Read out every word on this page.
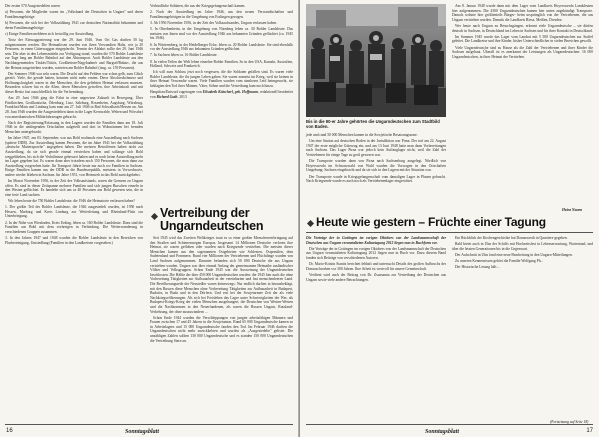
Der ersten 570 Ausgesiedelten waren

a) Personen, die Mitglieder waren im „Volksbund der Deutschen in Ungarn" und deren Familienangehörige

b) Personen, die sich bei der Volkszählung 1941 zur deutschen Nationalität bekannten und deren Familienangehörige

c) Einige Familien meldeten sich freiwillig zur Aussiedlung.

Trotz der Einwaggonierung war der 29. Juni 1946. Vom Ort Gas durften 50 kg mitgenommen werden. Die Heimatlosen wurden von ihren Verwandten Halts, wie ja 20 Personen, in einen Güterwaggon eingepfercht. Termin der Abfahrt sollte der 29. Juni 1946 sein. Die aber in den Lebensmitteln zur Verfügung stand, wurden die 570 Bohler Landsleute zur Tage lang am Bohler Bahnhof auf den Abtransport. Auch Bohler Landsleute aus den Nachbargemeinden Tüskés/Tüttös, Großbettsee/Nagybudmér und Bargsel/Babarc, die aus der Heimat ausgetrieben wurden, warteten am Bohler Bahnhof (insg. ca. 159 Personen).

Der Sommer 1946 war sehr warm. Die Drucht auf den Feldern war schon gelb, zum Glück gereift. Viele, die gerade hatten, konnten nicht mehr ernten. Diese Abschiedschmerz und Hoffnungslosigkeit waren in den Menschen, die den geliebten Heimat verlassen mussten. Besonders schwer hat es die Alten, deren Menschen getroffen, ihre Arbeitskraft und mit dieser Besitz fast ausschließlich für die Verfremdung.

Am 29. Juni 1946 ging die Fahrt in eine ungewisse Zukunft in Bewegung. Über Fünfkirchen, Großkanischa, Ödenburg, Linz, Salzburg, Rosenheim, Augsburg, Würzburg, Frankfurt/Main und Limburg kam man am 27. Juli 1946 in Bad Schwalbach/Hessen an. Am 28. Juni 1946 wurden die Ausgesiedelten dann in die Lager Kernwalde, Wehen und Wörsdorf von amerikanischen Militärfahrzeugen gebracht.

Nach der Registrierung/Erfassung in den Lagern wurden die Familien dann am 18. Juli 1946 in die umliegenden Ortschaften aufgeteilt und dort in Wohnräumen bei fremden Menschen untergebracht.

Im Jahre 1947, am 03. September, war aus Bohl nochmals eine Aussiedlung nach Sachsen (spätere DDR). Zur Aussiedlung kamen Personen, die im Jahre 1941 bei der Volkszählung „deutsche Muttersprache" angegeben haben. Die meisten Betroffenen haben nicht zur Aussiedlung, da sie sich gerade einmal verstecken haben und sollange sich Bohl weggeblieben, bis sich die Verhältnisse gebessert haben und es nach keine Aussiedlung mehr im Lager gegeben hat. Es waren dann aber trotzdem noch 150 Personen, die man dann zur Aussiedlung vorgesehen hatte. Ihr Transport führte heute nur noch wo Familien in Sachsen. Einige Familien kamen aus der DDR in die Bundesrepublik, meistens in Vorwerksorte, andere wieder blieben in Sachsen. Im Jahre 1951, von Heimweh in das Bohl zurückgekehrt.

Im Monat November 1956, in der Zeit des Volksaufstands, waren die Grenzen zu Ungarn offen. Es sind in dieser Zeitspanne mehrere Familien und sich jungen Burschen einzeln in den Westen geflüchtet. Es handelte sich um ca 40 Personen aus Bohl gewesen sein, die in eine freie Land suchten.

Wir leben heute die 750 Bohler Landsleute, die 1946 die Heimatorte verlassen haben?

1. Der größte Teil der Bohler Landsleute, die 1946 ausgesiedelt wurden, ist 1950 nach Hessen, Marburg und Kreis Limburg zur Weiterleitung und Rheinland-Pfalz zur Unterbringung.

2. In der Nähe von Wiesbaden, Kreis Erding, leben ca. 160 Bohler Landsleute. Dazu sind die Familien aus Bohl mit dem vorherigen in Verbindung. Die Weiterwanderung in verschiedenen Gruppen zusammen.

3. In den Jahren 1947 und 1948 wurden die Bohler Landsleute in den Bereichen von Flurbereinigung, Umsiedlung (Familien in den Landkreisen vorgesehen.)

Verbindliche Soldaten, die aus der Kriegsgefangenschaft kamen.

2. Nach der Aussiedlung im Jahre 1946, aus den neuen Verwandtschaften und Familienangehörigen in die Umgebung von Esslingen gezogen.

3. Ab 1956 November 1956, in der Zeit des Volksaufstandes, Ungarn verlassen haben.

5. In Oberbenheim, in der Umgebung von Nürnberg leben ca. 30 Bohler Landsleute. Das meisten von ihnen sind vor der Aussiedlung 1946 aus bekannten Gründen geflüchtet (ca. 1945 bis 1946).

6. In Württemberg, in der Heidelberger Ecke, leben ca. 20 Bohler Landsleute. Sie sind ebenfalls vor der Aussiedlung 1946 aus bekannten Gründen geflüchtet.

7. In Sachsen leben ca. 16 Bohler Landsleute.

8. In vielen Teilen der Welt leben einzelne Bohler Familien. So in den USA, Kanada, Australien, Holland, Schweiz und Frankreich.

Ich will zum Schluss jetzt noch vergessen, die die Soldaten gefallen sind. Es waren viele Bohler Landsleute, die ihr jungen Leben gaben. Sie waren zumeist im Krieg, weil sie keinen in ihrer Heimat Verwandte waren. Viele Familien wurden vom sinnlosen Leid heimgesucht, sie beklagten den Tod ihrer Männer, Väter, Söhne und die Vertreibung kam noch hinzu.

Hauptfrau/Entwurf zugetragen von Elisabeth Kütscherl, geb. Hoffmann, redaktionell bearbeitet von Richard Guth, 2013

Vertreibung der Ungarndeutschen

Seit 1945 wird das Zweiten Weltkrieges traut es so einer großen Menschenverbringung auf den Straßen und Schienenwegen Europas. Insgesamt 14 Millionen Deutsche verloren ihre Heimat, sie waren geflohen oder wurden nach Kriegsende vertrieben. Die meisten dieser Menschen kamen aus den sogenannten Ostgebieten wie Schlesien, Ostpreußen, dem Sudetenland und Pommern. Rund vier Millionen der Vertriebenen und Flüchtlinge wurden von Land Sachsen aufgenommen. Darunter befanden sich 50 000 Deutsche die aus Ungarn vertrieben wurden. Ungarn war über einmal Anfang der gemeinsamen Heimatbe ausländischer Völker und Volksgruppen. Schon Ende 1945 war die Ausweisung der Ungarndeutschen beschlossen. Die Hälfte der über 450 000 Ungarndeutschen wurden: die 1945 hier nach die ohne Vorbereitung Tätigkeiten zur Aufbauarbeit in der vereinbarten und fast menschenleeren Land. Die Bevölkerungsteile der Neusiedler waren keineswegs: Nur endlich durften in herausbeklagt, mit den Russen diese Menschen ohne Vorbereitung Tätigkeiten zur Aufbauarbeit in Budapest, Budaörs, in Buda und in den Dörfern. Und erst bei der Sowjetarmee Zeit der als viele Nachkriegsvölkerungen. Als sich bei Freisleben das Lager unter Schwierigkeiten der Wer, als Budapest-Kriegs-Krieg der vielen Menschen ausgehungert, die Deutschen von Westen-Westen und die Nachkommen in den Neuerfundenen, als waren die Russen Ungarn, Russland-Verkehrung, der ohne auszuwandern ...

Schon Ende 1944 wurden die Verschleppungen von jungen arbeitsfähigen Männern und Frauen zwischen 17 und 45 Jahren in die Sowjetunion. Rund 65 000 Ungarndeutsche kamen so in Arbeitslagern und 15 000 Ungarndeutsche fanden den Tod. Im Februar 1946 durften die Ungarndeutschen nicht mehr zurückkehren und wurden als „Ausgesiedelte" gelistet. Die unzähligen Zahlen sollten 130 000 Ungarndeutsche und es standen 150 000 Ungarndeutschen die Vertreibung Stern an.

16	Sonntagsblatt
Bis in die 90-er Jahre gehörten die Ungarndeutschen zum Stadtbild von Baden.

jede und rund 50 000 Menschen kamen in die Sowjetische Besatzungszone.

Um eine Station auf deutschen Boden in der Jurisdiktion war Pirna. Der traf am 22. August 1947 der erste mögliche Güterzug ein, und am 13 Juni 1948 hatte man dann Vorbereitungen nach Sachsen. Das Lager Pirna war jedoch kein Auffanglager nicht, weil die Zahl der Vertriebenen für einige Tage zu groß gewesen war.

Die Transporte wurden dann von Pirna nach Sachsenburg ausgelegt. Nördlich von Hoyerswerda im Schwarzwald von Wald wurden die Vorsorgen in den Ortschaften Umgebung: Sachsen eingebracht und da sie sich in den Lagern mit der Situation war.

Der Transporte wurde in Kriegsgefangenschaft vom damaligen Lager in Plauen gebracht. Nach Kriegsende wurde es auch noch als Vertriebenenlager eingerichtet.

Am 8. Januar 1948 wurde dann mit dem Lager vom Landkreis Hoyerswerda Landsleuten hier aufgenommen. Die 4300 Ungarndeutschen kamen hier unten angekündigt Transporte. Damals wohnte hier größtenteils Bürger- beim ursprünglich von der Vertriebenen, die aus Ungarn vertrieben wurden. Damals die Landkreis Riesa, Meißen, Dresden.

Wer heute nach Ungarn zu Besuchsgängen, erkennt viele Ungarndeutsche – sie dürfen deutsch in Sachsen, in Deutschland ins Leben in Sachsen und für ihrer Kontakt in Deutschland.

Im Sommer 1945 wurde das Lager vom Landrat mit 5 500 Ungarndeutschen zur Staffel geleitet. Die Landkreise und ihre Kinder, bisher Unterschiedlicher in vielen Bereichen gewollt.

Viele Ungarndeutsche sind zu Hause als die Zahl der Vertriebenen und ihrer Kinder die Sachsen aufgebaut. Überall ist es anerkannt der Leistungen als Ungarndeutschen: 16 000 Ungarndeutschen, in ihrer Heimat der Vertrieben.

Heinz Nauen
Heute wie gestern – Früchte einer Tagung

Die Vorträge der in Gottingen im vorigen Oktobers von der Landsmannschaft der Deutschen aus Ungarn veranstalteten Kulturtagung 2012 liegen nun in Buchform vor.

Die Vorträge der in Gottingen im vorigen Oktobers von der Landsmannschaft der Deutschen aus Ungarn veranstalteten Kulturtagung 2012 liegen nun in Buch vor. Dazu diesem Band fanden sich Beiträge von verschiedenen Autoren.

Dr. Mario-Kristin Stanits berichtet lebhaft und untersucht Details des großen Aufbruchs der Donauschwaben vor 300 Jahren. Ihre Arbeit ist wertvoll für unsere Gemeinschaft.

Verdient wird auch der Beitrag von Dr. Zsuzsanna zur Vertreibung der Deutschen aus Ungarn sowie viele andere Betrachtungen.

Ein Rückblick der Kirchengeschichte hat Donauwerth in Quartiere gegeben.

Bald bietet auch in Ulm der Schiffs mit Hochzeitsfest in Lebenserwartung, Wartestand, und über die letzten Generationen bis in die Gegenwart.

Der Aufschnitt in Ulm fand eine neue Bearbeitung in den Ungarn-Mitteilungen.

Zu unseren Kennernissen gehört die Familie Wolfgang Ph...

Der Historische Lesung hält ...

(Fortsetzung auf Seite 18)
Sonntagsblatt	17
